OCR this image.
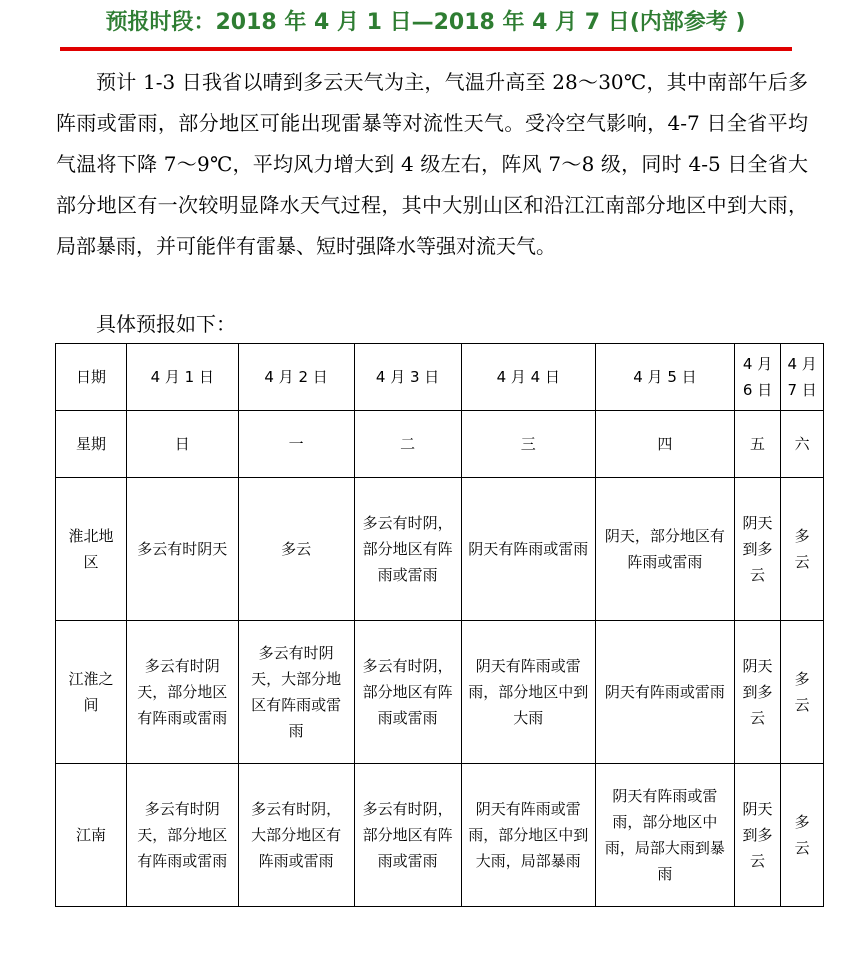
预报时段：2018 年 4 月 1 日—2018 年 4 月 7 日(内部参考 )

预计 1-3 日我省以晴到多云天气为主，气温升高至 28～30℃，其中南部午后多阵雨或雷雨，部分地区可能出现雷暴等对流性天气。受冷空气影响，4-7 日全省平均气温将下降 7～9℃，平均风力增大到 4 级左右，阵风 7～8 级，同时 4-5 日全省大部分地区有一次较明显降水天气过程，其中大别山区和沿江江南部分地区中到大雨，局部暴雨，并可能伴有雷暴、短时强降水等强对流天气。

具体预报如下：
日期	4 月 1 日	4 月 2 日	4 月 3 日	4 月 4 日	4 月 5 日	4 月 6 日	4 月 7 日
星期	日	一	二	三	四	五	六
淮北地区	多云有时阴天	多云	多云有时阴，部分地区有阵雨或雷雨	阴天有阵雨或雷雨	阴天，部分地区有阵雨或雷雨	阴天到多云	多云
江淮之间	多云有时阴天，部分地区有阵雨或雷雨	多云有时阴天，大部分地区有阵雨或雷雨	多云有时阴，部分地区有阵雨或雷雨	阴天有阵雨或雷雨，部分地区中到大雨	阴天有阵雨或雷雨	阴天到多云	多云
江南	多云有时阴天，部分地区有阵雨或雷雨	多云有时阴，大部分地区有阵雨或雷雨	多云有时阴，部分地区有阵雨或雷雨	阴天有阵雨或雷雨，部分地区中到大雨，局部暴雨	阴天有阵雨或雷雨，部分地区中雨，局部大雨到暴雨	阴天到多云	多云
